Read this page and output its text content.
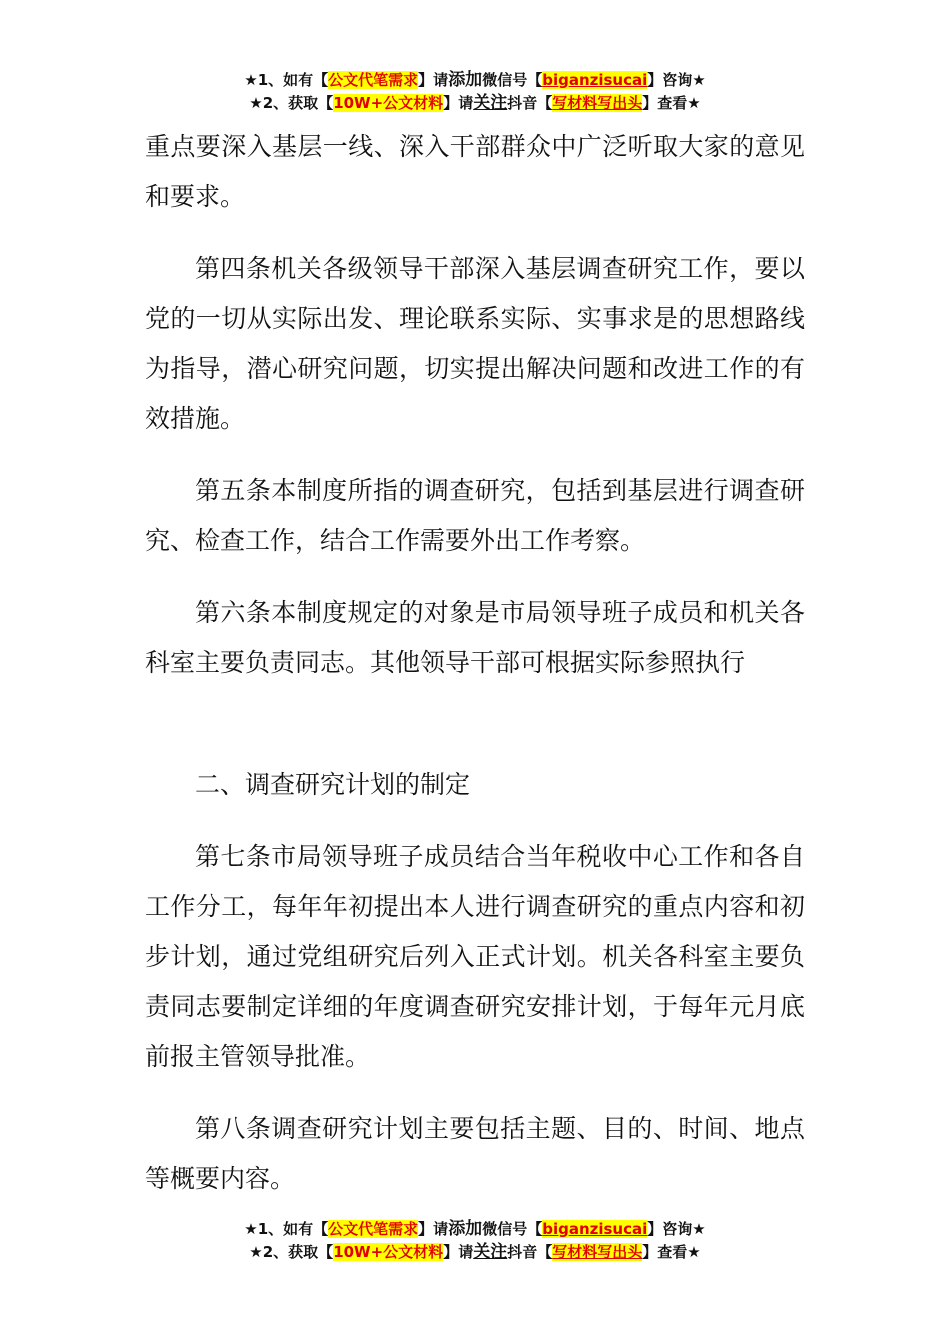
★1、如有【公文代笔需求】请添加微信号【biganzisucai】咨询★
★2、获取【10W+公文材料】请关注抖音【写材料写出头】查看★

重点要深入基层一线、深入干部群众中广泛听取大家的意见和要求。

第四条机关各级领导干部深入基层调查研究工作，要以党的一切从实际出发、理论联系实际、实事求是的思想路线为指导，潜心研究问题，切实提出解决问题和改进工作的有效措施。

第五条本制度所指的调查研究，包括到基层进行调查研究、检查工作，结合工作需要外出工作考察。

第六条本制度规定的对象是市局领导班子成员和机关各科室主要负责同志。其他领导干部可根据实际参照执行

二、调查研究计划的制定

第七条市局领导班子成员结合当年税收中心工作和各自工作分工，每年年初提出本人进行调查研究的重点内容和初步计划，通过党组研究后列入正式计划。机关各科室主要负责同志要制定详细的年度调查研究安排计划，于每年元月底前报主管领导批准。

第八条调查研究计划主要包括主题、目的、时间、地点等概要内容。

★1、如有【公文代笔需求】请添加微信号【biganzisucai】咨询★
★2、获取【10W+公文材料】请关注抖音【写材料写出头】查看★
